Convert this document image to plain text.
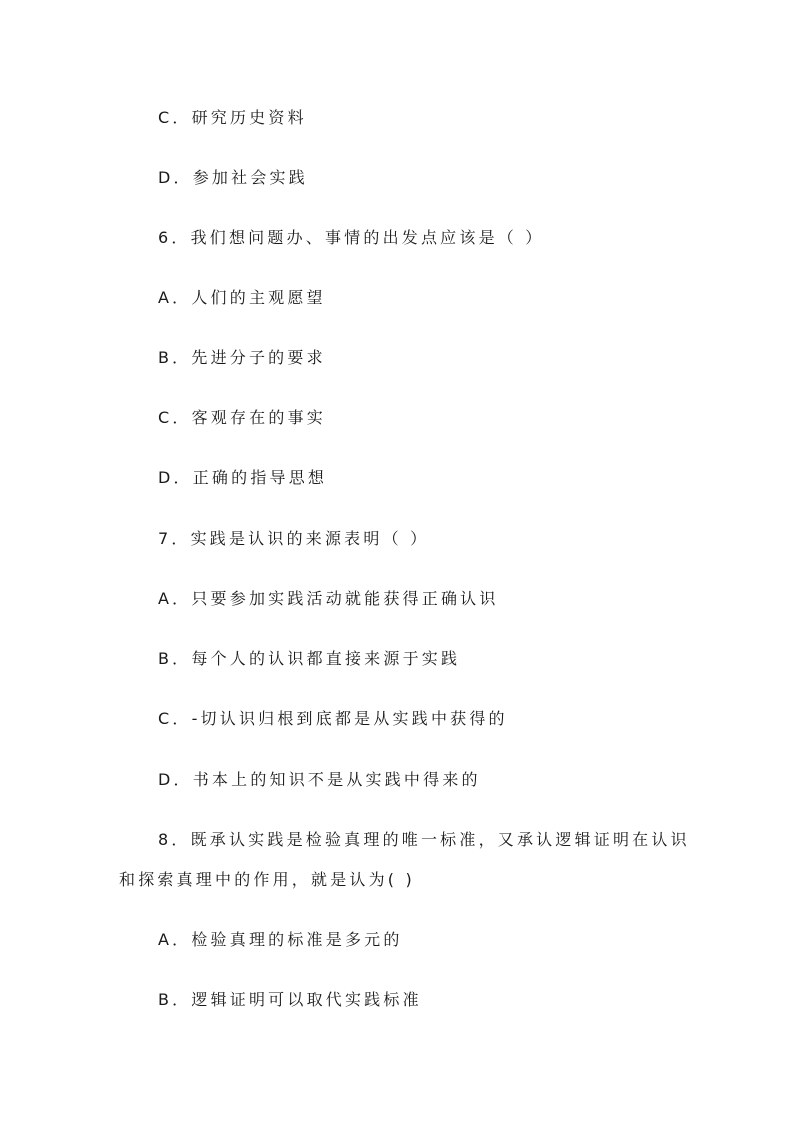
C．研究历史资料
D．参加社会实践
6．我们想问题办、事情的出发点应该是（ ）
A．人们的主观愿望
B．先进分子的要求
C．客观存在的事实
D．正确的指导思想
7．实践是认识的来源表明（ ）
A．只要参加实践活动就能获得正确认识
B．每个人的认识都直接来源于实践
C．-切认识归根到底都是从实践中获得的
D．书本上的知识不是从实践中得来的
8．既承认实践是检验真理的唯一标准，又承认逻辑证明在认识
和探索真理中的作用，就是认为( )
A．检验真理的标准是多元的
B．逻辑证明可以取代实践标准
